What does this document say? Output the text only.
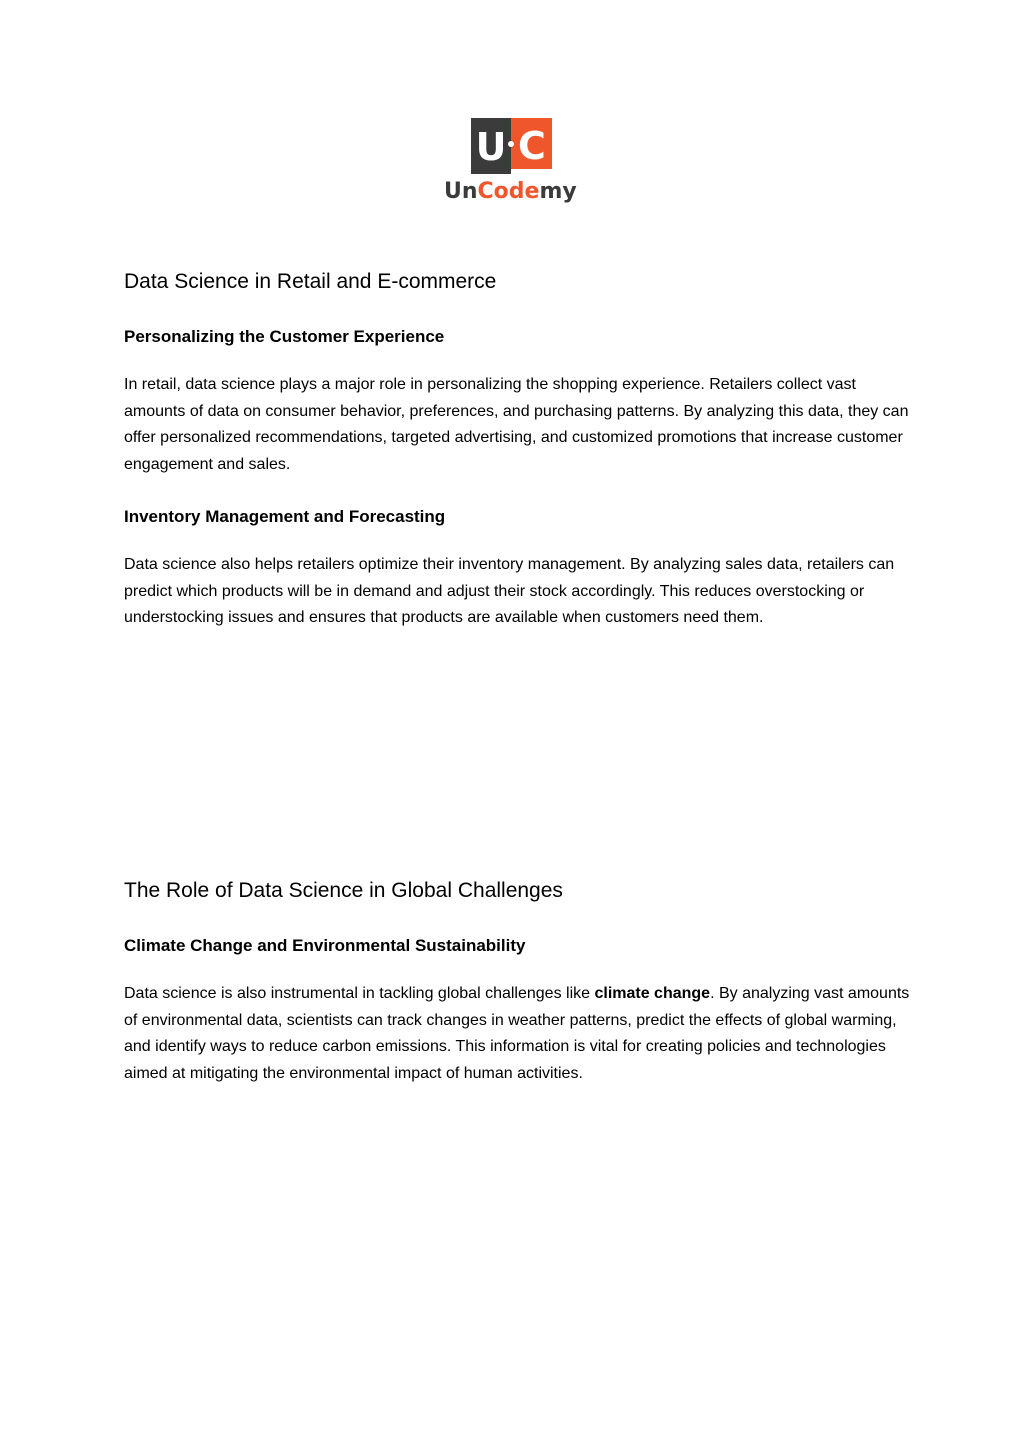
U C
UnCodemy
Data Science in Retail and E-commerce
Personalizing the Customer Experience

In retail, data science plays a major role in personalizing the shopping experience. Retailers collect vast amounts of data on consumer behavior, preferences, and purchasing patterns. By analyzing this data, they can offer personalized recommendations, targeted advertising, and customized promotions that increase customer engagement and sales.

Inventory Management and Forecasting

Data science also helps retailers optimize their inventory management. By analyzing sales data, retailers can predict which products will be in demand and adjust their stock accordingly. This reduces overstocking or understocking issues and ensures that products are available when customers need them.

The Role of Data Science in Global Challenges
Climate Change and Environmental Sustainability

Data science is also instrumental in tackling global challenges like climate change. By analyzing vast amounts of environmental data, scientists can track changes in weather patterns, predict the effects of global warming, and identify ways to reduce carbon emissions. This information is vital for creating policies and technologies aimed at mitigating the environmental impact of human activities.
